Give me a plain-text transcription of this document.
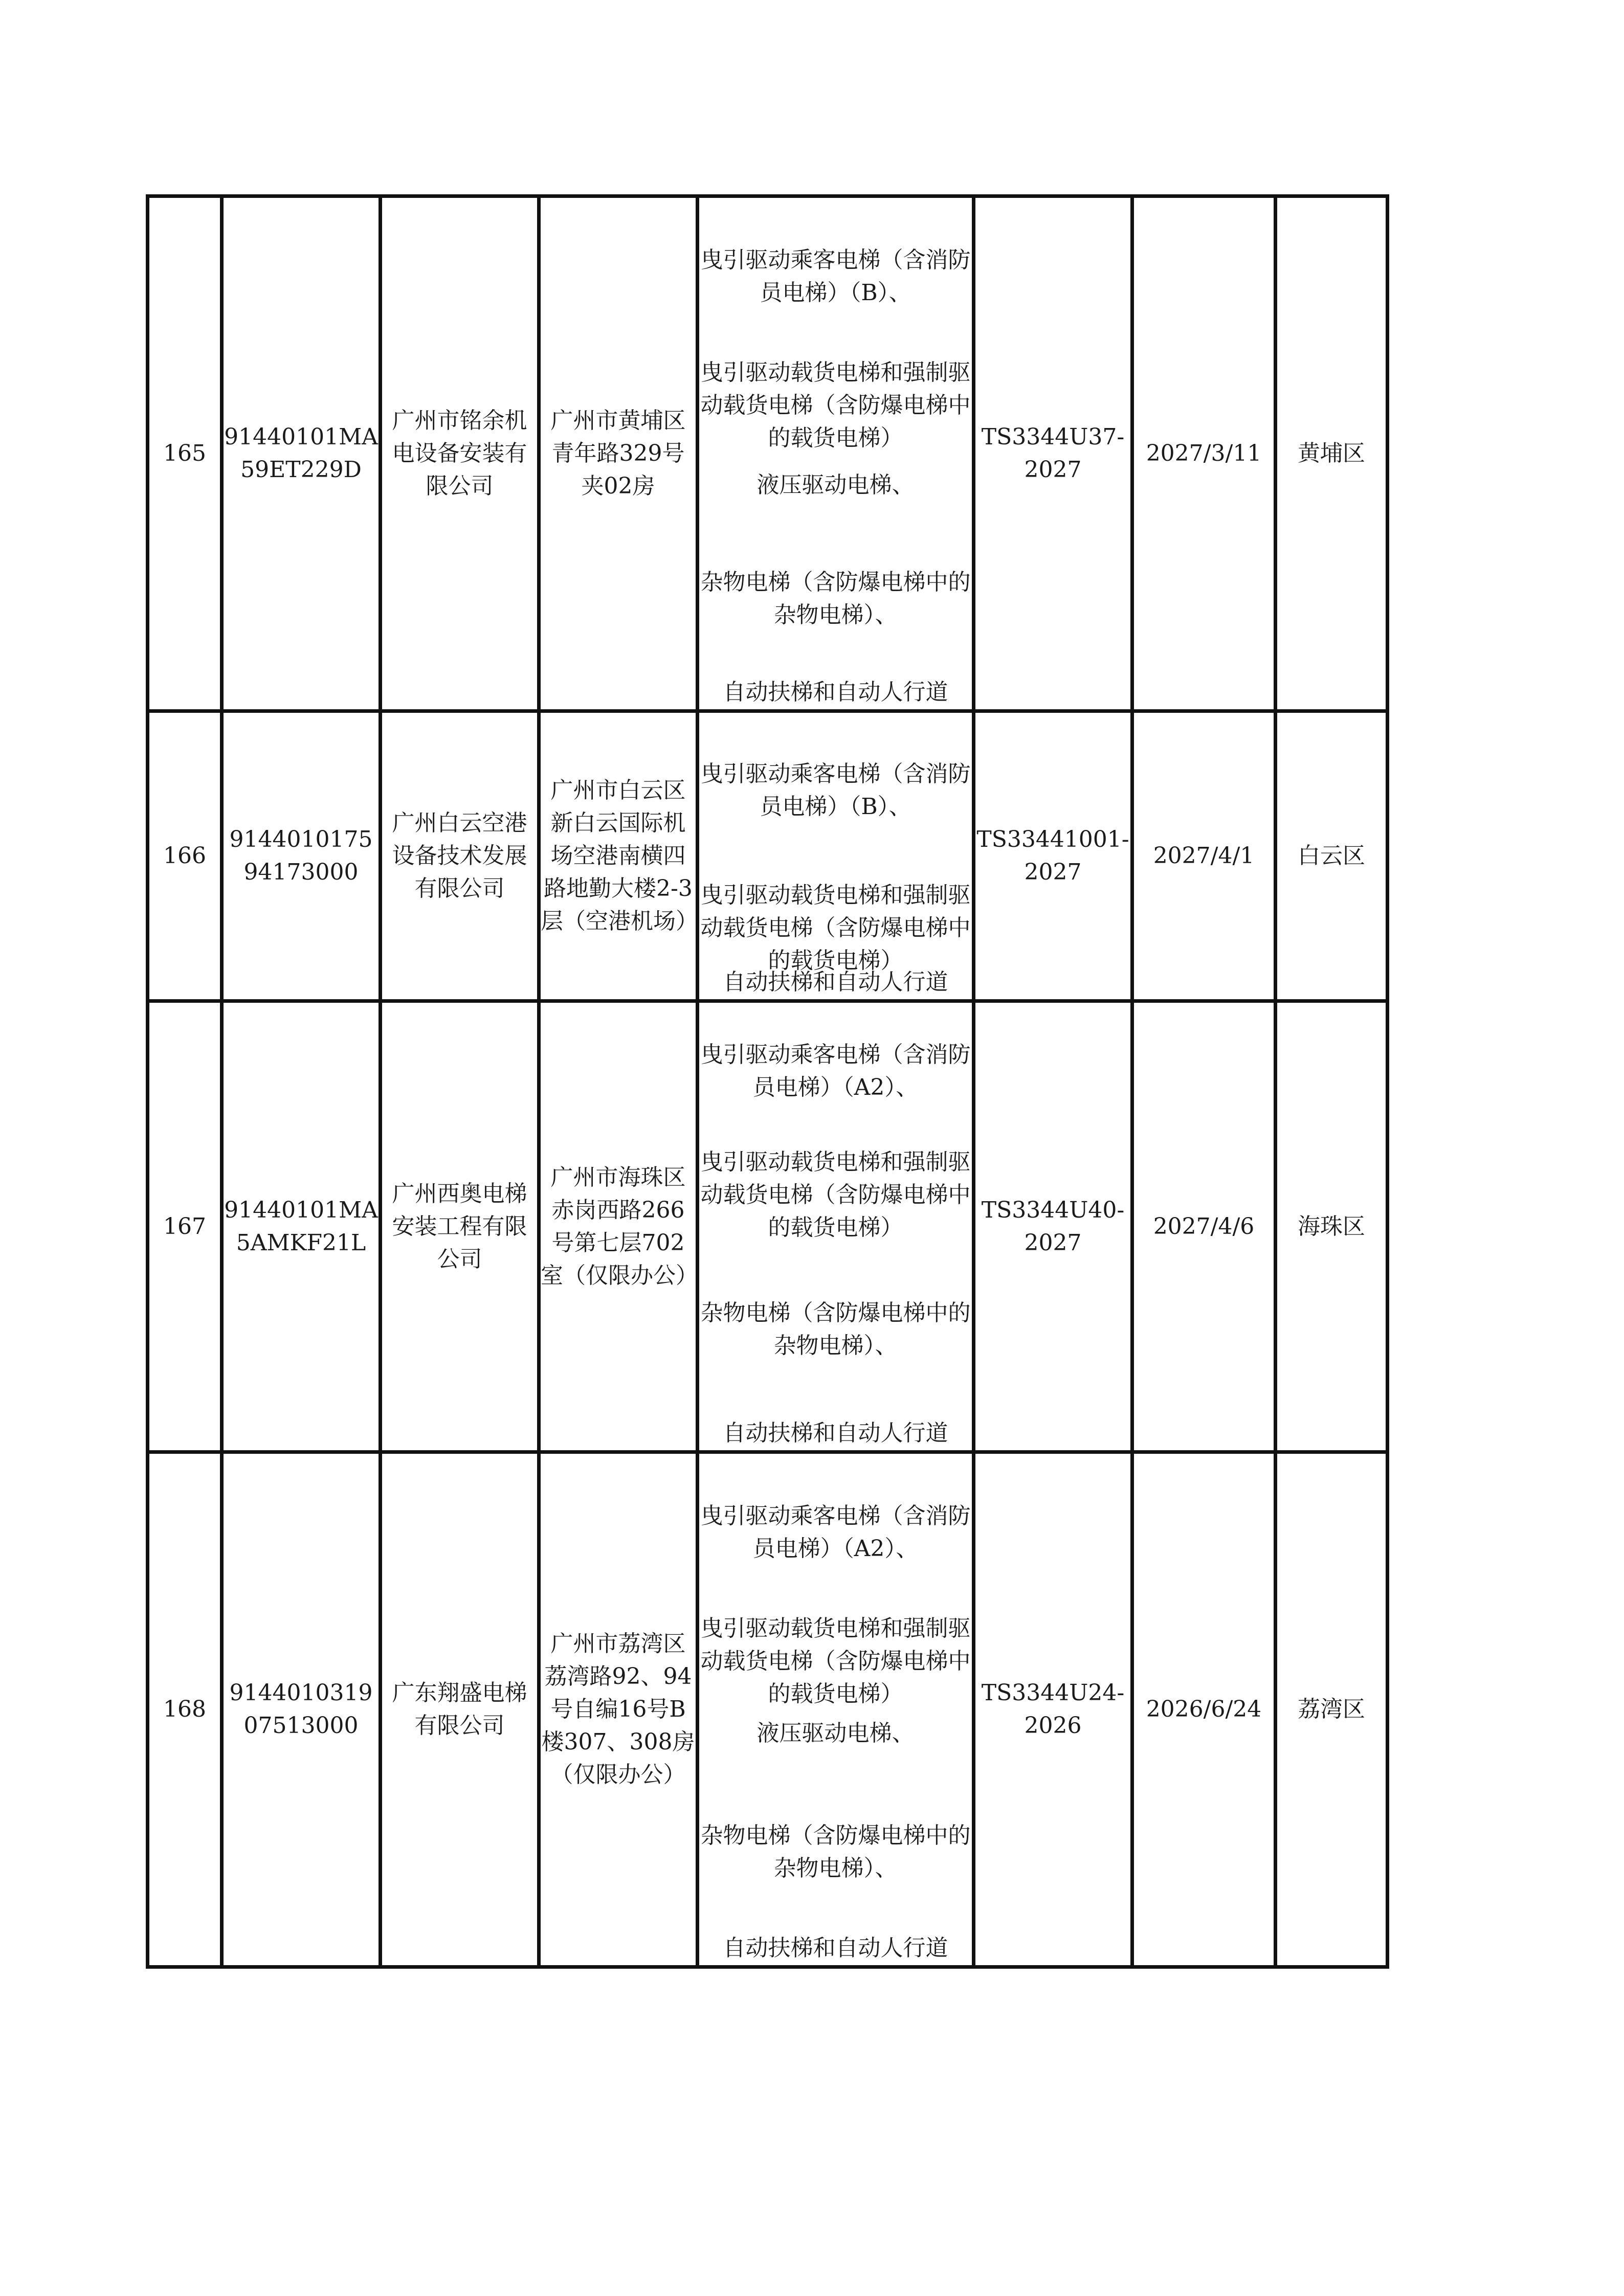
165	91440101MA59ET229D	广州市铭余机电设备安装有限公司	广州市黄埔区青年路329号夹02房	曳引驱动乘客电梯（含消防员电梯）（B）、
曳引驱动载货电梯和强制驱动载货电梯（含防爆电梯中的载货电梯）
液压驱动电梯、
杂物电梯（含防爆电梯中的杂物电梯）、
自动扶梯和自动人行道	TS3344U37-2027	2027/3/11	黄埔区
166	914401017594173000	广州白云空港设备技术发展有限公司	广州市白云区新白云国际机场空港南横四路地勤大楼2-3层（空港机场）	曳引驱动乘客电梯（含消防员电梯）（B）、
曳引驱动载货电梯和强制驱动载货电梯（含防爆电梯中的载货电梯）
自动扶梯和自动人行道	TS33441001-2027	2027/4/1	白云区
167	91440101MA5AMKF21L	广州西奥电梯安装工程有限公司	广州市海珠区赤岗西路266号第七层702室（仅限办公）	曳引驱动乘客电梯（含消防员电梯）（A2）、
曳引驱动载货电梯和强制驱动载货电梯（含防爆电梯中的载货电梯）
杂物电梯（含防爆电梯中的杂物电梯）、
自动扶梯和自动人行道	TS3344U40-2027	2027/4/6	海珠区
168	914401031907513000	广东翔盛电梯有限公司	广州市荔湾区荔湾路92、94号自编16号B楼307、308房（仅限办公）	曳引驱动乘客电梯（含消防员电梯）（A2）、
曳引驱动载货电梯和强制驱动载货电梯（含防爆电梯中的载货电梯）
液压驱动电梯、
杂物电梯（含防爆电梯中的杂物电梯）、
自动扶梯和自动人行道	TS3344U24-2026	2026/6/24	荔湾区
